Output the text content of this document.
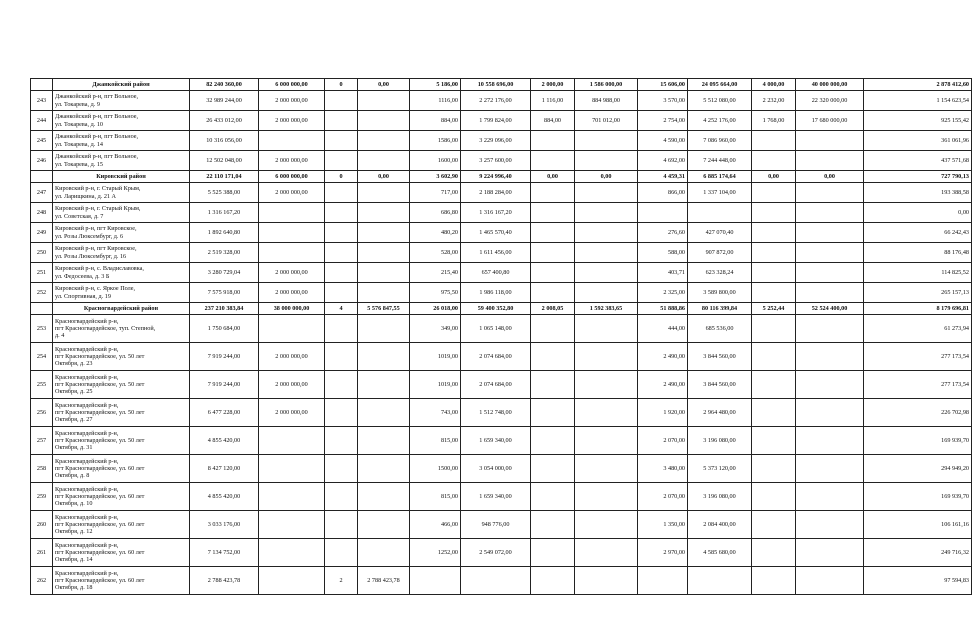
	Джанкойский район	82 240 360,00	6 000 000,00	0	0,00	5 186,00	10 558 696,00	2 000,00	1 586 000,00	15 606,00	24 095 664,00	4 000,00	40 000 000,00	2 878 412,60
243	Джанкойский р-н, пгт Вольное,
ул. Токарева, д. 9	32 989 244,00	2 000 000,00			1116,00	2 272 176,00	1 116,00	884 988,00	3 570,00	5 512 080,00	2 232,00	22 320 000,00	1 154 623,54
244	Джанкойский р-н, пгт Вольное,
ул. Токарева, д. 10	26 433 012,00	2 000 000,00			884,00	1 799 824,00	884,00	701 012,00	2 754,00	4 252 176,00	1 768,00	17 680 000,00	925 155,42
245	Джанкойский р-н, пгт Вольное,
ул. Токарева, д. 14	10 316 056,00				1586,00	3 229 096,00			4 590,00	7 086 960,00			361 061,96
246	Джанкойский р-н, пгт Вольное,
ул. Токарева, д. 15	12 502 048,00	2 000 000,00			1600,00	3 257 600,00			4 692,00	7 244 448,00			437 571,68

	Кировский район	22 110 171,04	6 000 000,00	0	0,00	3 602,90	9 224 996,40	0,00	0,00	4 459,31	6 885 174,64	0,00	0,00	727 790,13
247	Кировский р-н, г. Старый Крым,
ул. Ларищкина, д. 21 А	5 525 388,00	2 000 000,00			717,00	2 188 284,00			866,00	1 337 104,00			193 388,58
248	Кировский р-н, г. Старый Крым,
ул. Советская, д. 7	1 316 167,20				686,80	1 316 167,20							0,00
249	Кировский р-н, пгт Кировское,
ул. Розы Люксембург, д. 6	1 892 640,80				480,20	1 465 570,40			276,60	427 070,40			66 242,43
250	Кировский р-н, пгт Кировское,
ул. Розы Люксембург, д. 16	2 519 328,00				528,00	1 611 456,00			588,00	907 872,00			88 176,48
251	Кировский р-н, с. Владиславовка,
ул. Федосеева, д. 3 Б	3 280 729,04	2 000 000,00			215,40	657 400,80			403,71	623 328,24			114 825,52
252	Кировский р-н, с. Яркое Поле,
ул. Спортивная, д. 19	7 575 918,00	2 000 000,00			975,50	1 986 118,00			2 325,00	3 589 800,00			265 157,13

	Красногвардейский район	237 210 383,84	38 000 000,00	4	5 576 847,55	26 018,00	59 400 352,80	2 008,05	1 592 383,65	51 888,86	80 116 399,84	5 252,44	52 524 400,00	8 179 696,81
253	Красногвардейский р-н,
пгт Красногвардейское, туп. Степной,
д. 4	1 750 684,00				349,00	1 065 148,00			444,00	685 536,00			61 273,94
254	Красногвардейский р-н,
пгт Красногвардейское, ул. 50 лет
Октября, д. 23	7 919 244,00	2 000 000,00			1019,00	2 074 684,00			2 490,00	3 844 560,00			277 173,54
255	Красногвардейский р-н,
пгт Красногвардейское, ул. 50 лет
Октября, д. 25	7 919 244,00	2 000 000,00			1019,00	2 074 684,00			2 490,00	3 844 560,00			277 173,54
256	Красногвардейский р-н,
пгт Красногвардейское, ул. 50 лет
Октября, д. 27	6 477 228,00	2 000 000,00			743,00	1 512 748,00			1 920,00	2 964 480,00			226 702,98
257	Красногвардейский р-н,
пгт Красногвардейское, ул. 50 лет
Октября, д. 31	4 855 420,00				815,00	1 659 340,00			2 070,00	3 196 080,00			169 939,70
258	Красногвардейский р-н,
пгт Красногвардейское, ул. 60 лет
Октября, д. 8	8 427 120,00				1500,00	3 054 000,00			3 480,00	5 373 120,00			294 949,20
259	Красногвардейский р-н,
пгт Красногвардейское, ул. 60 лет
Октября, д. 10	4 855 420,00				815,00	1 659 340,00			2 070,00	3 196 080,00			169 939,70
260	Красногвардейский р-н,
пгт Красногвардейское, ул. 60 лет
Октября, д. 12	3 033 176,00				466,00	948 776,00			1 350,00	2 084 400,00			106 161,16
261	Красногвардейский р-н,
пгт Красногвардейское, ул. 60 лет
Октября, д. 14	7 134 752,00				1252,00	2 549 072,00			2 970,00	4 585 680,00			249 716,32
262	Красногвардейский р-н,
пгт Красногвардейское, ул. 60 лет
Октября, д. 18	2 788 423,78		2	2 788 423,78									97 594,83
